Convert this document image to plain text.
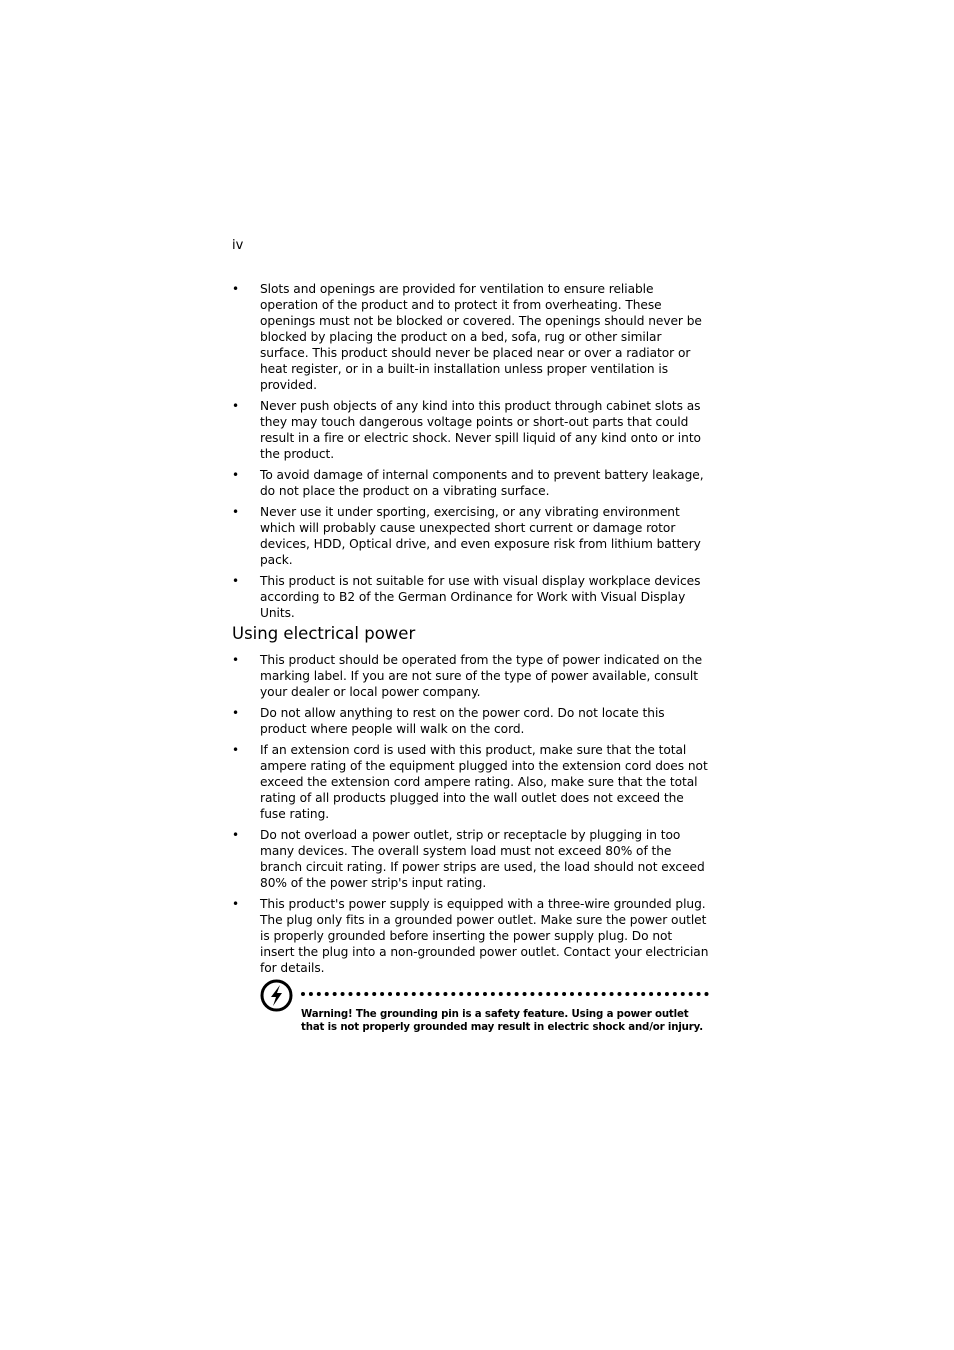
iv
• Slots and openings are provided for ventilation to ensure reliable operation of the product and to protect it from overheating. These openings must not be blocked or covered. The openings should never be blocked by placing the product on a bed, sofa, rug or other similar surface. This product should never be placed near or over a radiator or heat register, or in a built-in installation unless proper ventilation is provided.
• Never push objects of any kind into this product through cabinet slots as they may touch dangerous voltage points or short-out parts that could result in a fire or electric shock. Never spill liquid of any kind onto or into the product.
• To avoid damage of internal components and to prevent battery leakage, do not place the product on a vibrating surface.
• Never use it under sporting, exercising, or any vibrating environment which will probably cause unexpected short current or damage rotor devices, HDD, Optical drive, and even exposure risk from lithium battery pack.
• This product is not suitable for use with visual display workplace devices according to B2 of the German Ordinance for Work with Visual Display Units.
Using electrical power
• This product should be operated from the type of power indicated on the marking label. If you are not sure of the type of power available, consult your dealer or local power company.
• Do not allow anything to rest on the power cord. Do not locate this product where people will walk on the cord.
• If an extension cord is used with this product, make sure that the total ampere rating of the equipment plugged into the extension cord does not exceed the extension cord ampere rating. Also, make sure that the total rating of all products plugged into the wall outlet does not exceed the fuse rating.
• Do not overload a power outlet, strip or receptacle by plugging in too many devices. The overall system load must not exceed 80% of the branch circuit rating. If power strips are used, the load should not exceed 80% of the power strip's input rating.
• This product's power supply is equipped with a three-wire grounded plug. The plug only fits in a grounded power outlet. Make sure the power outlet is properly grounded before inserting the power supply plug. Do not insert the plug into a non-grounded power outlet. Contact your electrician for details.
Warning! The grounding pin is a safety feature. Using a power outlet that is not properly grounded may result in electric shock and/or injury.
